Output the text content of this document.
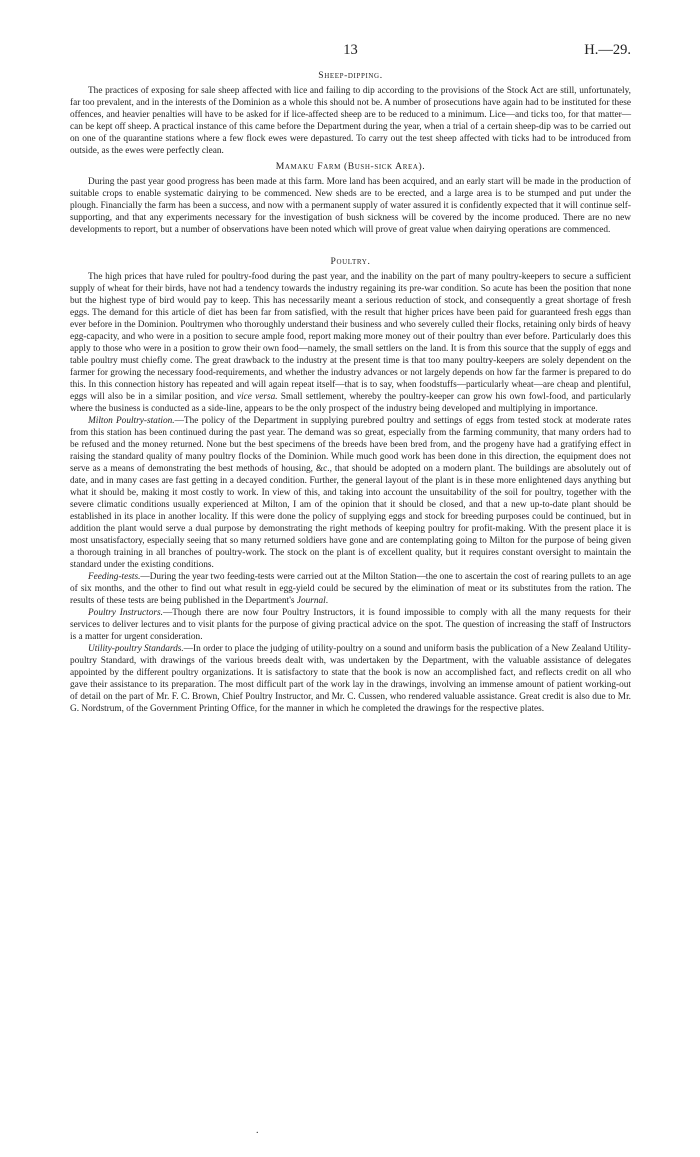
13	H.—29.
Sheep-dipping.

The practices of exposing for sale sheep affected with lice and failing to dip according to the provisions of the Stock Act are still, unfortunately, far too prevalent, and in the interests of the Dominion as a whole this should not be. A number of prosecutions have again had to be instituted for these offences, and heavier penalties will have to be asked for if lice-affected sheep are to be reduced to a minimum. Lice—and ticks too, for that matter—can be kept off sheep. A practical instance of this came before the Department during the year, when a trial of a certain sheep-dip was to be carried out on one of the quarantine stations where a few flock ewes were depastured. To carry out the test sheep affected with ticks had to be introduced from outside, as the ewes were perfectly clean.

Mamaku Farm (Bush-sick Area).

During the past year good progress has been made at this farm. More land has been acquired, and an early start will be made in the production of suitable crops to enable systematic dairying to be commenced. New sheds are to be erected, and a large area is to be stumped and put under the plough. Financially the farm has been a success, and now with a permanent supply of water assured it is confidently expected that it will continue self-supporting, and that any experiments necessary for the investigation of bush sickness will be covered by the income produced. There are no new developments to report, but a number of observations have been noted which will prove of great value when dairying operations are commenced.

Poultry.

The high prices that have ruled for poultry-food during the past year, and the inability on the part of many poultry-keepers to secure a sufficient supply of wheat for their birds, have not had a tendency towards the industry regaining its pre-war condition. So acute has been the position that none but the highest type of bird would pay to keep. This has necessarily meant a serious reduction of stock, and consequently a great shortage of fresh eggs. The demand for this article of diet has been far from satisfied, with the result that higher prices have been paid for guaranteed fresh eggs than ever before in the Dominion. Poultrymen who thoroughly understand their business and who severely culled their flocks, retaining only birds of heavy egg-capacity, and who were in a position to secure ample food, report making more money out of their poultry than ever before. Particularly does this apply to those who were in a position to grow their own food—namely, the small settlers on the land. It is from this source that the supply of eggs and table poultry must chiefly come. The great drawback to the industry at the present time is that too many poultry-keepers are solely dependent on the farmer for growing the necessary food-requirements, and whether the industry advances or not largely depends on how far the farmer is prepared to do this. In this connection history has repeated and will again repeat itself—that is to say, when foodstuffs—particularly wheat—are cheap and plentiful, eggs will also be in a similar position, and vice versa. Small settlement, whereby the poultry-keeper can grow his own fowl-food, and particularly where the business is conducted as a side-line, appears to be the only prospect of the industry being developed and multiplying in importance.

Milton Poultry-station.—The policy of the Department in supplying purebred poultry and settings of eggs from tested stock at moderate rates from this station has been continued during the past year. The demand was so great, especially from the farming community, that many orders had to be refused and the money returned. None but the best specimens of the breeds have been bred from, and the progeny have had a gratifying effect in raising the standard quality of many poultry flocks of the Dominion. While much good work has been done in this direction, the equipment does not serve as a means of demonstrating the best methods of housing, &c., that should be adopted on a modern plant. The buildings are absolutely out of date, and in many cases are fast getting in a decayed condition. Further, the general layout of the plant is in these more enlightened days anything but what it should be, making it most costly to work. In view of this, and taking into account the unsuitability of the soil for poultry, together with the severe climatic conditions usually experienced at Milton, I am of the opinion that it should be closed, and that a new up-to-date plant should be established in its place in another locality. If this were done the policy of supplying eggs and stock for breeding purposes could be continued, but in addition the plant would serve a dual purpose by demonstrating the right methods of keeping poultry for profit-making. With the present place it is most unsatisfactory, especially seeing that so many returned soldiers have gone and are contemplating going to Milton for the purpose of being given a thorough training in all branches of poultry-work. The stock on the plant is of excellent quality, but it requires constant oversight to maintain the standard under the existing conditions.

Feeding-tests.—During the year two feeding-tests were carried out at the Milton Station—the one to ascertain the cost of rearing pullets to an age of six months, and the other to find out what result in egg-yield could be secured by the elimination of meat or its substitutes from the ration. The results of these tests are being published in the Department's Journal.

Poultry Instructors.—Though there are now four Poultry Instructors, it is found impossible to comply with all the many requests for their services to deliver lectures and to visit plants for the purpose of giving practical advice on the spot. The question of increasing the staff of Instructors is a matter for urgent consideration.

Utility-poultry Standards.—In order to place the judging of utility-poultry on a sound and uniform basis the publication of a New Zealand Utility-poultry Standard, with drawings of the various breeds dealt with, was undertaken by the Department, with the valuable assistance of delegates appointed by the different poultry organizations. It is satisfactory to state that the book is now an accomplished fact, and reflects credit on all who gave their assistance to its preparation. The most difficult part of the work lay in the drawings, involving an immense amount of patient working-out of detail on the part of Mr. F. C. Brown, Chief Poultry Instructor, and Mr. C. Cussen, who rendered valuable assistance. Great credit is also due to Mr. G. Nordstrum, of the Government Printing Office, for the manner in which he completed the drawings for the respective plates.

.
